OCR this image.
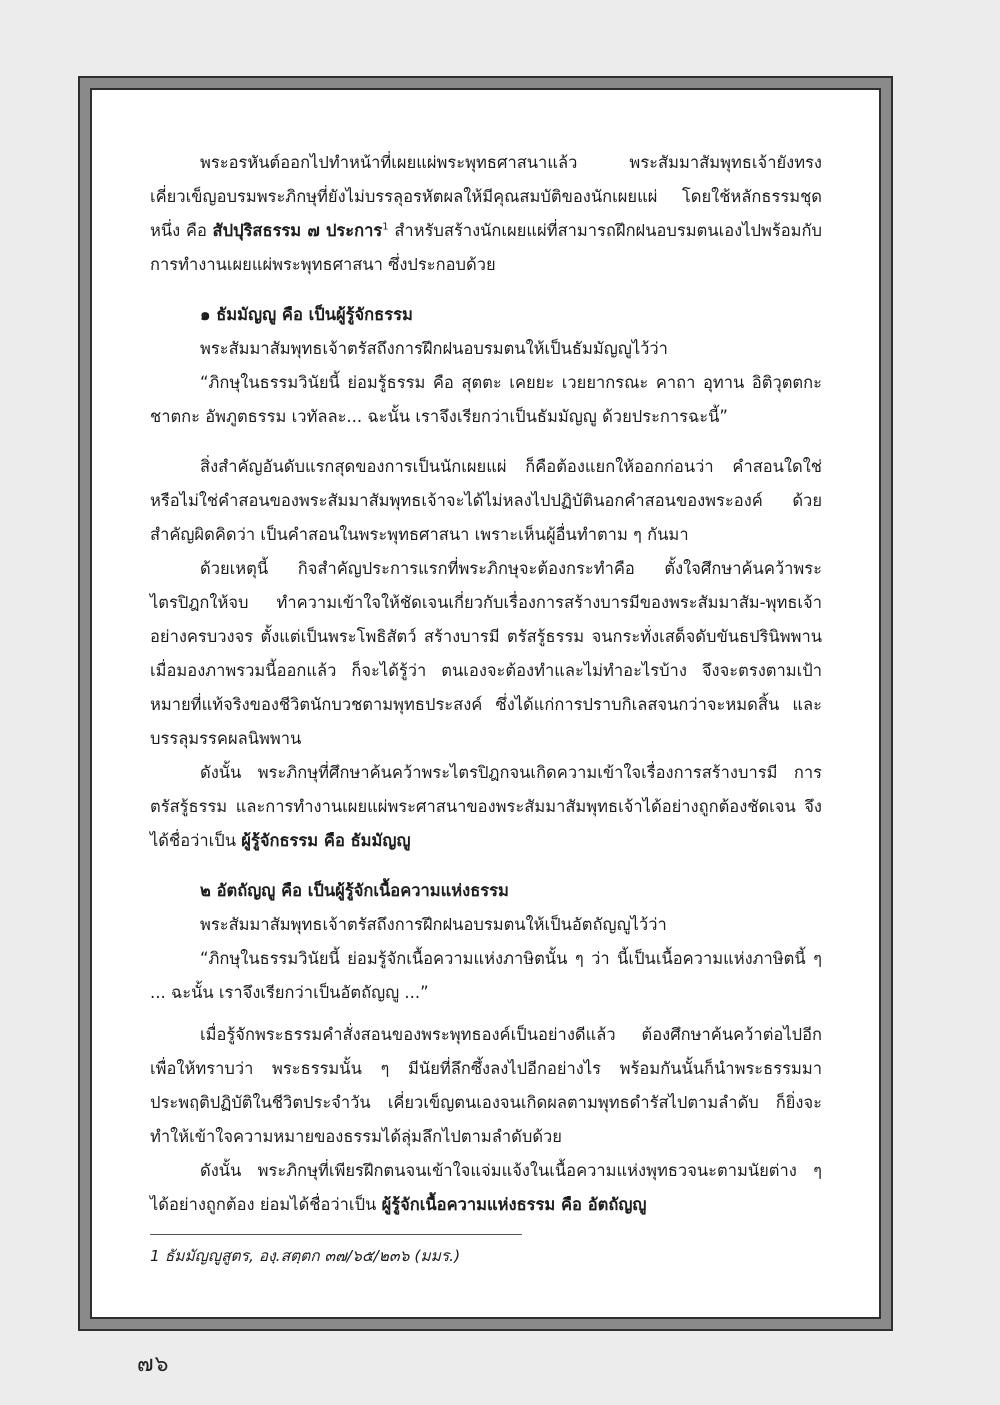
พระอรหันต์ออกไปทำหน้าที่เผยแผ่พระพุทธศาสนาแล้ว พระสัมมาสัมพุทธเจ้ายังทรงเคี่ยวเข็ญอบรมพระภิกษุที่ยังไม่บรรลุอรหัตผลให้มีคุณสมบัติของนักเผยแผ่ โดยใช้หลักธรรมชุดหนึ่ง คือ สัปปุริสธรรม ๗ ประการ$^1$ สำหรับสร้างนักเผยแผ่ที่สามารถฝึกฝนอบรมตนเองไปพร้อมกับการทำงานเผยแผ่พระพุทธศาสนา ซึ่งประกอบด้วย

๑ ธัมมัญญู คือ เป็นผู้รู้จักธรรม

พระสัมมาสัมพุทธเจ้าตรัสถึงการฝึกฝนอบรมตนให้เป็นธัมมัญญูไว้ว่า

“ภิกษุในธรรมวินัยนี้ ย่อมรู้ธรรม คือ สุตตะ เคยยะ เวยยากรณะ คาถา อุทาน อิติวุตตกะ ชาตกะ อัพภูตธรรม เวทัลละ... ฉะนั้น เราจึงเรียกว่าเป็นธัมมัญญู ด้วยประการฉะนี้”

สิ่งสำคัญอันดับแรกสุดของการเป็นนักเผยแผ่ ก็คือต้องแยกให้ออกก่อนว่า คำสอนใดใช่หรือไม่ใช่คำสอนของพระสัมมาสัมพุทธเจ้าจะได้ไม่หลงไปปฏิบัตินอกคำสอนของพระองค์ ด้วยสำคัญผิดคิดว่า เป็นคำสอนในพระพุทธศาสนา เพราะเห็นผู้อื่นทำตาม ๆ กันมา

ด้วยเหตุนี้ กิจสำคัญประการแรกที่พระภิกษุจะต้องกระทำคือ ตั้งใจศึกษาค้นคว้าพระไตรปิฎกให้จบ ทำความเข้าใจให้ชัดเจนเกี่ยวกับเรื่องการสร้างบารมีของพระสัมมาสัม-พุทธเจ้าอย่างครบวงจร ตั้งแต่เป็นพระโพธิสัตว์ สร้างบารมี ตรัสรู้ธรรม จนกระทั่งเสด็จดับขันธปรินิพพาน เมื่อมองภาพรวมนี้ออกแล้ว ก็จะได้รู้ว่า ตนเองจะต้องทำและไม่ทำอะไรบ้าง จึงจะตรงตามเป้าหมายที่แท้จริงของชีวิตนักบวชตามพุทธประสงค์ ซึ่งได้แก่การปราบกิเลสจนกว่าจะหมดสิ้น และบรรลุมรรคผลนิพพาน

ดังนั้น พระภิกษุที่ศึกษาค้นคว้าพระไตรปิฎกจนเกิดความเข้าใจเรื่องการสร้างบารมี การตรัสรู้ธรรม และการทำงานเผยแผ่พระศาสนาของพระสัมมาสัมพุทธเจ้าได้อย่างถูกต้องชัดเจน จึงได้ชื่อว่าเป็น ผู้รู้จักธรรม คือ ธัมมัญญู

๒ อัตถัญญู คือ เป็นผู้รู้จักเนื้อความแห่งธรรม

พระสัมมาสัมพุทธเจ้าตรัสถึงการฝึกฝนอบรมตนให้เป็นอัตถัญญูไว้ว่า

“ภิกษุในธรรมวินัยนี้ ย่อมรู้จักเนื้อความแห่งภาษิตนั้น ๆ ว่า นี้เป็นเนื้อความแห่งภาษิตนี้ ๆ ... ฉะนั้น เราจึงเรียกว่าเป็นอัตถัญญู ...”

เมื่อรู้จักพระธรรมคำสั่งสอนของพระพุทธองค์เป็นอย่างดีแล้ว ต้องศึกษาค้นคว้าต่อไปอีก เพื่อให้ทราบว่า พระธรรมนั้น ๆ มีนัยที่ลึกซึ้งลงไปอีกอย่างไร พร้อมกันนั้นก็นำพระธรรมมาประพฤติปฏิบัติในชีวิตประจำวัน เคี่ยวเข็ญตนเองจนเกิดผลตามพุทธดำรัสไปตามลำดับ ก็ยิ่งจะทำให้เข้าใจความหมายของธรรมได้ลุ่มลึกไปตามลำดับด้วย

ดังนั้น พระภิกษุที่เพียรฝึกตนจนเข้าใจแจ่มแจ้งในเนื้อความแห่งพุทธวจนะตามนัยต่าง ๆ ได้อย่างถูกต้อง ย่อมได้ชื่อว่าเป็น ผู้รู้จักเนื้อความแห่งธรรม คือ อัตถัญญู

1 ธัมมัญญูสูตร, องฺ.สตฺตก ๓๗/๖๕/๒๓๖ (มมร.)

๗๖
